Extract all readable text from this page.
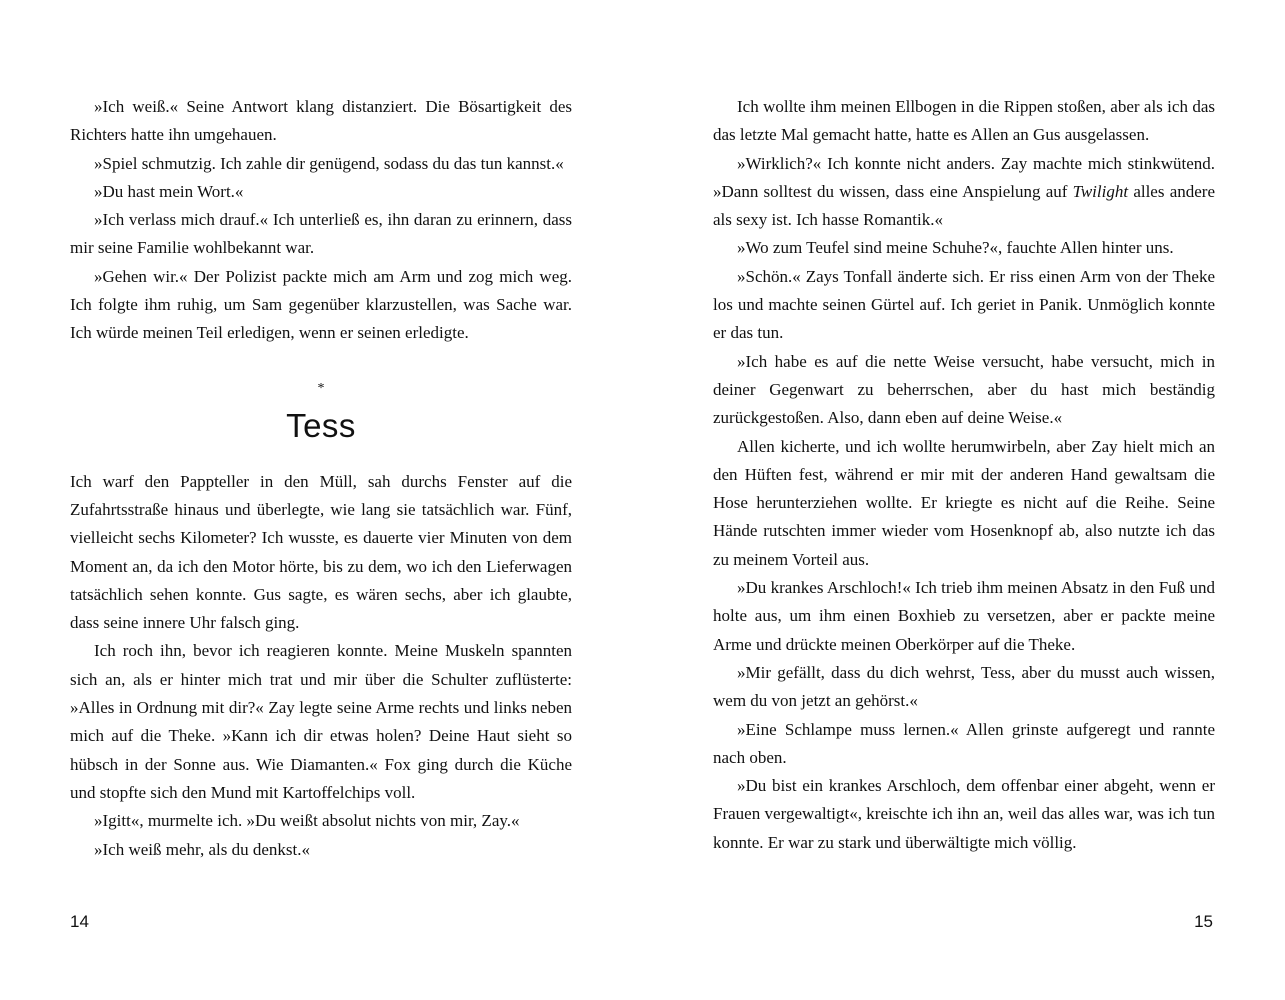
»Ich weiß.« Seine Antwort klang distanziert. Die Bösartigkeit des Richters hatte ihn umgehauen.

»Spiel schmutzig. Ich zahle dir genügend, sodass du das tun kannst.«

»Du hast mein Wort.«

»Ich verlass mich drauf.« Ich unterließ es, ihn daran zu erinnern, dass mir seine Familie wohlbekannt war.

»Gehen wir.« Der Polizist packte mich am Arm und zog mich weg. Ich folgte ihm ruhig, um Sam gegenüber klarzustellen, was Sache war. Ich würde meinen Teil erledigen, wenn er seinen erledigte.

*
Tess

Ich warf den Pappteller in den Müll, sah durchs Fenster auf die Zufahrtsstraße hinaus und überlegte, wie lang sie tatsächlich war. Fünf, vielleicht sechs Kilometer? Ich wusste, es dauerte vier Minuten von dem Moment an, da ich den Motor hörte, bis zu dem, wo ich den Lieferwagen tatsächlich sehen konnte. Gus sagte, es wären sechs, aber ich glaubte, dass seine innere Uhr falsch ging.

Ich roch ihn, bevor ich reagieren konnte. Meine Muskeln spannten sich an, als er hinter mich trat und mir über die Schulter zuflüsterte: »Alles in Ordnung mit dir?« Zay legte seine Arme rechts und links neben mich auf die Theke. »Kann ich dir etwas holen? Deine Haut sieht so hübsch in der Sonne aus. Wie Diamanten.« Fox ging durch die Küche und stopfte sich den Mund mit Kartoffelchips voll.

»Igitt«, murmelte ich. »Du weißt absolut nichts von mir, Zay.«

»Ich weiß mehr, als du denkst.«

Ich wollte ihm meinen Ellbogen in die Rippen stoßen, aber als ich das das letzte Mal gemacht hatte, hatte es Allen an Gus ausgelassen.

»Wirklich?« Ich konnte nicht anders. Zay machte mich stinkwütend. »Dann solltest du wissen, dass eine Anspielung auf Twilight alles andere als sexy ist. Ich hasse Romantik.«

»Wo zum Teufel sind meine Schuhe?«, fauchte Allen hinter uns.

»Schön.« Zays Tonfall änderte sich. Er riss einen Arm von der Theke los und machte seinen Gürtel auf. Ich geriet in Panik. Unmöglich konnte er das tun.

»Ich habe es auf die nette Weise versucht, habe versucht, mich in deiner Gegenwart zu beherrschen, aber du hast mich beständig zurückgestoßen. Also, dann eben auf deine Weise.«

Allen kicherte, und ich wollte herumwirbeln, aber Zay hielt mich an den Hüften fest, während er mir mit der anderen Hand gewaltsam die Hose herunterziehen wollte. Er kriegte es nicht auf die Reihe. Seine Hände rutschten immer wieder vom Hosenknopf ab, also nutzte ich das zu meinem Vorteil aus.

»Du krankes Arschloch!« Ich trieb ihm meinen Absatz in den Fuß und holte aus, um ihm einen Boxhieb zu versetzen, aber er packte meine Arme und drückte meinen Oberkörper auf die Theke.

»Mir gefällt, dass du dich wehrst, Tess, aber du musst auch wissen, wem du von jetzt an gehörst.«

»Eine Schlampe muss lernen.« Allen grinste aufgeregt und rannte nach oben.

»Du bist ein krankes Arschloch, dem offenbar einer abgeht, wenn er Frauen vergewaltigt«, kreischte ich ihn an, weil das alles war, was ich tun konnte. Er war zu stark und überwältigte mich völlig.

14	15
